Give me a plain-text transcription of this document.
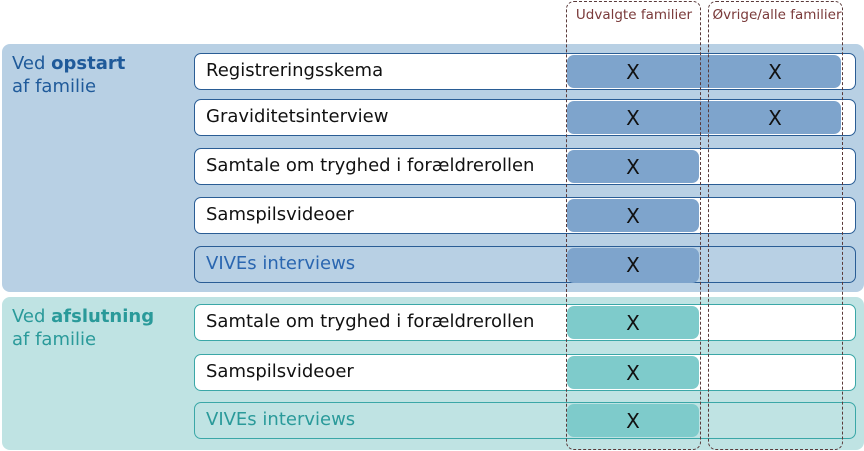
Ved opstart
af familie
Ved afslutning
af familie
Udvalgte familier	Øvrige/alle familier
Registreringsskema	X	X
Graviditetsinterview	X	X
Samtale om tryghed i forældrerollen	X
Samspilsvideoer	X
VIVEs interviews	X
Samtale om tryghed i forældrerollen	X
Samspilsvideoer	X
VIVEs interviews	X
